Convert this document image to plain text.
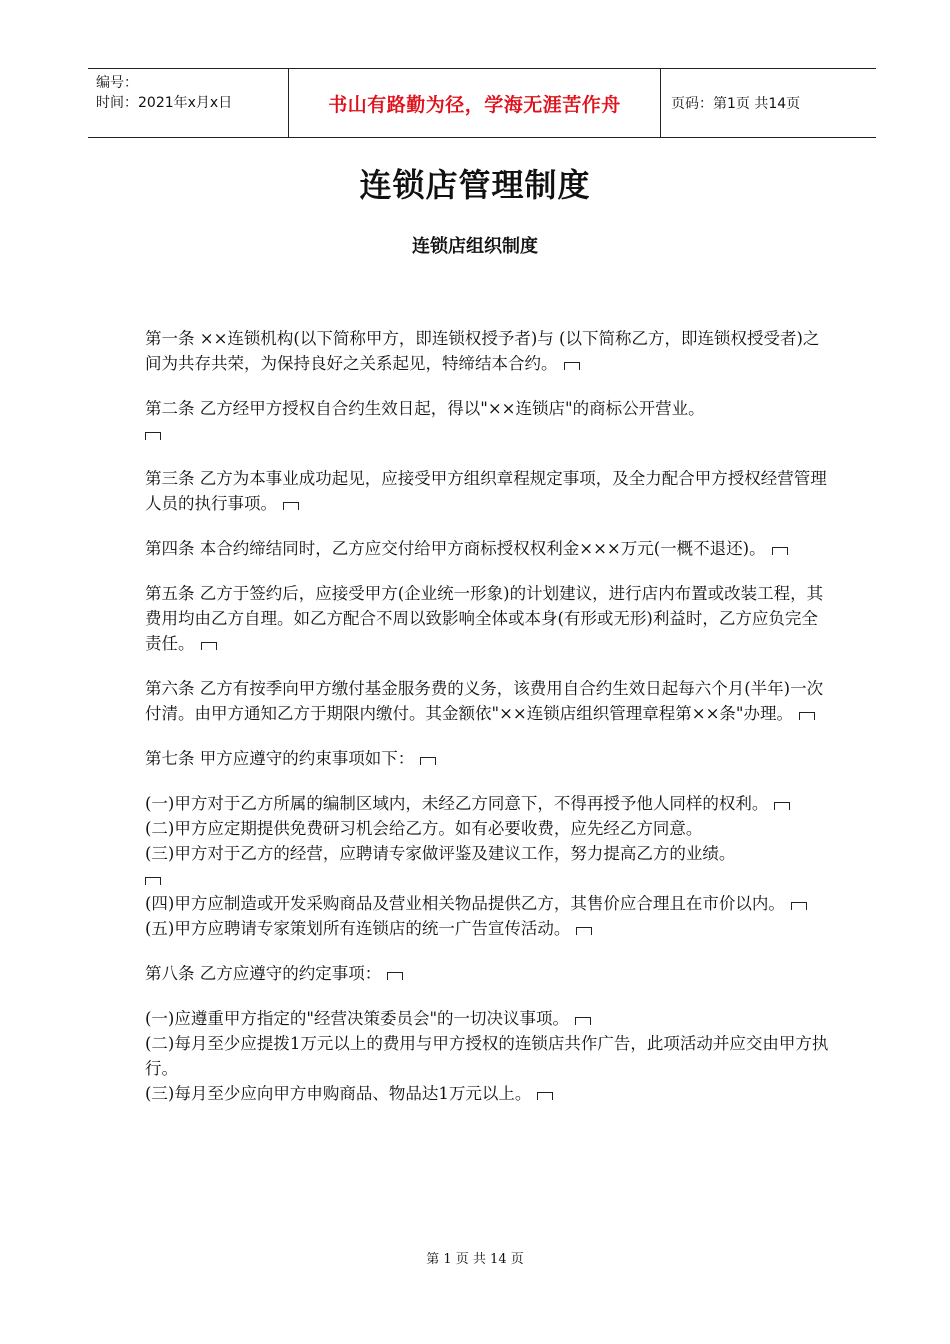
编号：
时间：2021年x月x日	书山有路勤为径，学海无涯苦作舟	页码：第1页 共14页
连锁店管理制度
连锁店组织制度

第一条 ××连锁机构(以下简称甲方，即连锁权授予者)与 (以下简称乙方，即连锁权授受者)之间为共存共荣，为保持良好之关系起见，特缔结本合约。

第二条 乙方经甲方授权自合约生效日起，得以"××连锁店"的商标公开营业。

第三条 乙方为本事业成功起见，应接受甲方组织章程规定事项，及全力配合甲方授权经营管理人员的执行事项。

第四条 本合约缔结同时，乙方应交付给甲方商标授权权利金×××万元(一概不退还)。

第五条 乙方于签约后，应接受甲方(企业统一形象)的计划建议，进行店内布置或改装工程，其费用均由乙方自理。如乙方配合不周以致影响全体或本身(有形或无形)利益时，乙方应负完全责任。

第六条 乙方有按季向甲方缴付基金服务费的义务，该费用自合约生效日起每六个月(半年)一次付清。由甲方通知乙方于期限内缴付。其金额依"××连锁店组织管理章程第××条"办理。

第七条 甲方应遵守的约束事项如下：

(一)甲方对于乙方所属的编制区域内，未经乙方同意下，不得再授予他人同样的权利。

(二)甲方应定期提供免费研习机会给乙方。如有必要收费，应先经乙方同意。

(三)甲方对于乙方的经营，应聘请专家做评鉴及建议工作，努力提高乙方的业绩。

(四)甲方应制造或开发采购商品及营业相关物品提供乙方，其售价应合理且在市价以内。

(五)甲方应聘请专家策划所有连锁店的统一广告宣传活动。

第八条 乙方应遵守的约定事项：

(一)应遵重甲方指定的"经营决策委员会"的一切决议事项。

(二)每月至少应提拨1万元以上的费用与甲方授权的连锁店共作广告，此项活动并应交由甲方执行。

(三)每月至少应向甲方申购商品、物品达1万元以上。

第 1 页 共 14 页
